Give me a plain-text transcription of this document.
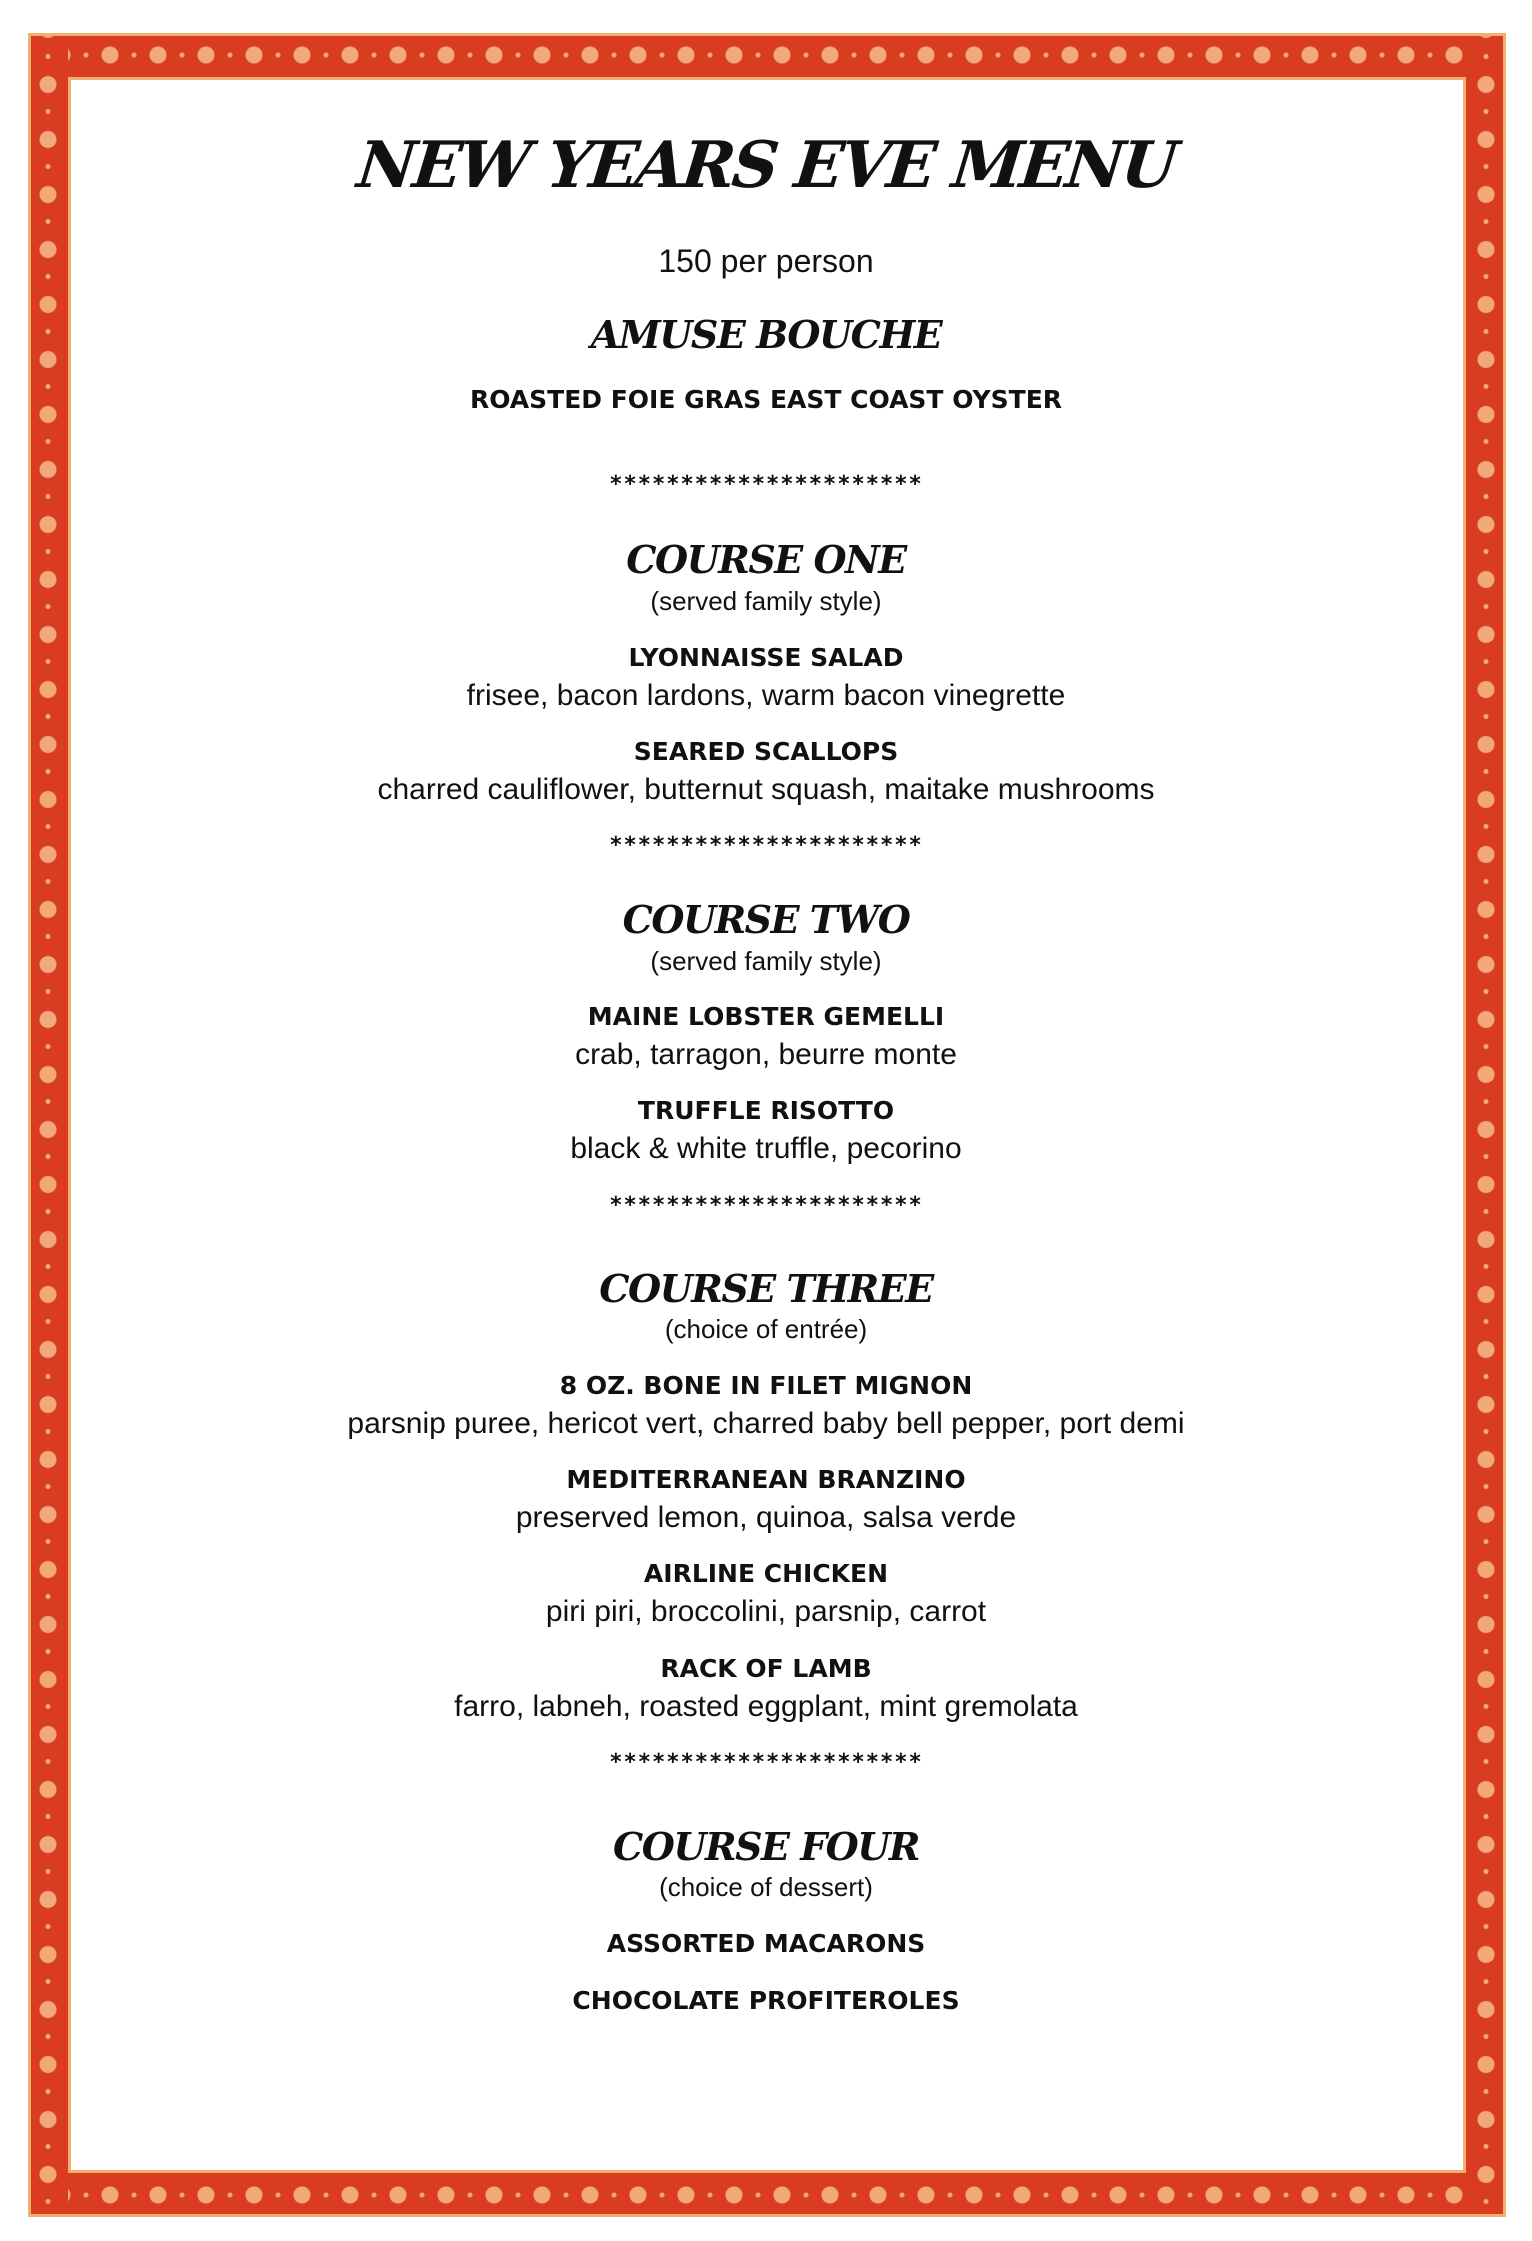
NEW YEARS EVE MENU
150 per person
AMUSE BOUCHE
ROASTED FOIE GRAS EAST COAST OYSTER
**********************
COURSE ONE
(served family style)
LYONNAISSE SALAD
frisee, bacon lardons, warm bacon vinegrette
SEARED SCALLOPS
charred cauliflower, butternut squash, maitake mushrooms
**********************
COURSE TWO
(served family style)
MAINE LOBSTER GEMELLI
crab, tarragon, beurre monte
TRUFFLE RISOTTO
black & white truffle, pecorino
**********************
COURSE THREE
(choice of entrée)
8 OZ. BONE IN FILET MIGNON
parsnip puree, hericot vert, charred baby bell pepper, port demi
MEDITERRANEAN BRANZINO
preserved lemon, quinoa, salsa verde
AIRLINE CHICKEN
piri piri, broccolini, parsnip, carrot
RACK OF LAMB
farro, labneh, roasted eggplant, mint gremolata
**********************
COURSE FOUR
(choice of dessert)
ASSORTED MACARONS
CHOCOLATE PROFITEROLES
